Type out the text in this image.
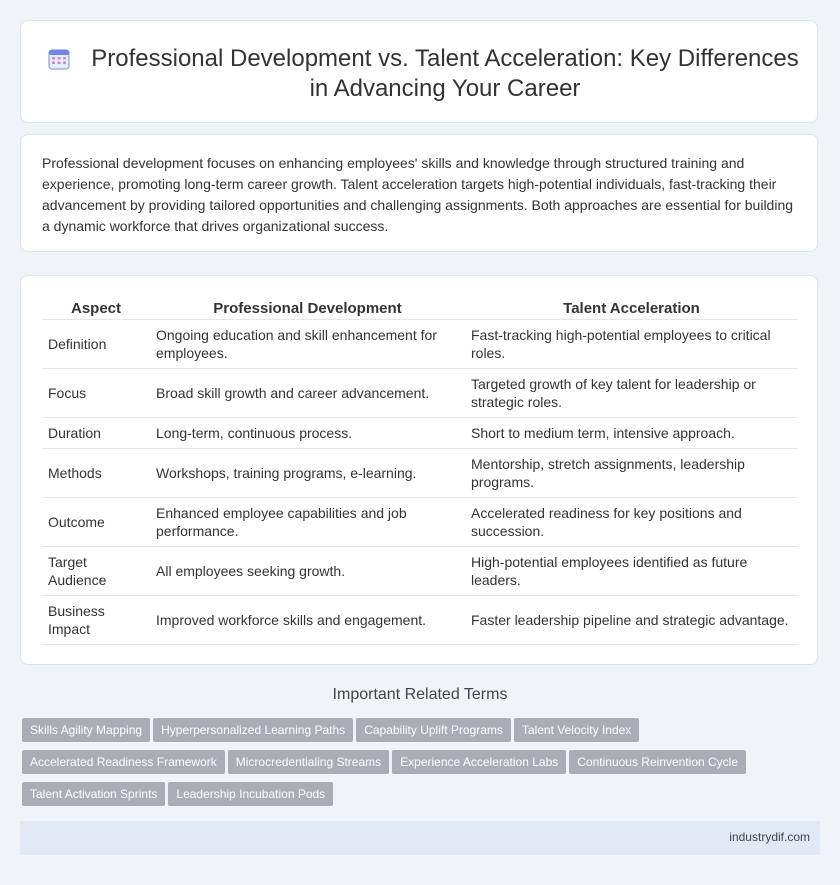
Professional Development vs. Talent Acceleration: Key Differences in Advancing Your Career

Professional development focuses on enhancing employees' skills and knowledge through structured training and experience, promoting long-term career growth. Talent acceleration targets high-potential individuals, fast-tracking their advancement by providing tailored opportunities and challenging assignments. Both approaches are essential for building a dynamic workforce that drives organizational success.

Aspect	Professional Development	Talent Acceleration
Definition	Ongoing education and skill enhancement for employees.	Fast-tracking high-potential employees to critical roles.
Focus	Broad skill growth and career advancement.	Targeted growth of key talent for leadership or strategic roles.
Duration	Long-term, continuous process.	Short to medium term, intensive approach.
Methods	Workshops, training programs, e-learning.	Mentorship, stretch assignments, leadership programs.
Outcome	Enhanced employee capabilities and job performance.	Accelerated readiness for key positions and succession.
Target Audience	All employees seeking growth.	High-potential employees identified as future leaders.
Business Impact	Improved workforce skills and engagement.	Faster leadership pipeline and strategic advantage.
Important Related Terms
Skills Agility Mapping Hyperpersonalized Learning Paths Capability Uplift Programs Talent Velocity Index
Accelerated Readiness Framework Microcredentialing Streams Experience Acceleration Labs Continuous Reinvention Cycle
Talent Activation Sprints Leadership Incubation Pods
industrydif.com
